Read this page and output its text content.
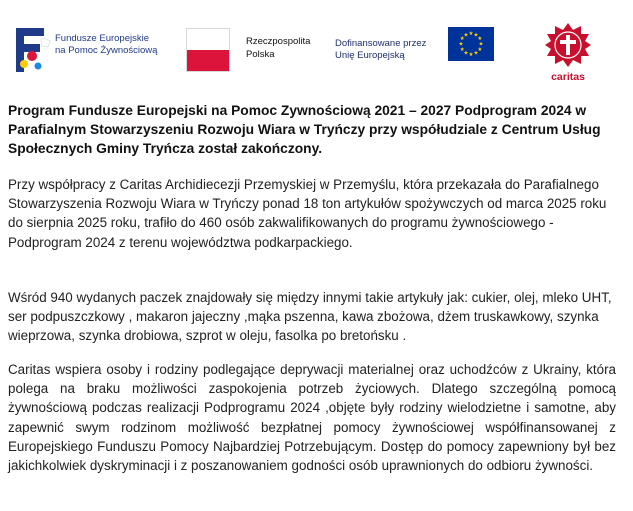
Fundusze Europejskie
na Pomoc Żywnościową
Rzeczpospolita
Polska
Dofinansowane przez
Unię Europejską
★ ★
★
★
★
★
★
★
★
★
★
★
caritas
Program Fundusze Europejski na Pomoc Zywnościową 2021 – 2027 Podprogram 2024 w Parafialnym Stowarzyszeniu Rozwoju Wiara w Tryńczy przy współudziale z Centrum Usług Społecznych Gminy Tryńcza został zakończony.

Przy współpracy z Caritas Archidiecezji Przemyskiej w Przemyślu, która przekazała do Parafialnego Stowarzyszenia Rozwoju Wiara w Tryńczy ponad 18 ton artykułów spożywczych od marca 2025 roku do sierpnia 2025 roku, trafiło do 460 osób zakwalifikowanych do programu żywnościowego - Podprogram 2024 z terenu województwa podkarpackiego.

Wśród 940 wydanych paczek znajdowały się między innymi takie artykuły jak: cukier, olej, mleko UHT, ser podpuszczkowy , makaron jajeczny ,mąka pszenna, kawa zbożowa, dżem truskawkowy, szynka wieprzowa, szynka drobiowa, szprot w oleju, fasolka po bretońsku .

Caritas wspiera osoby i rodziny podlegające deprywacji materialnej oraz uchodźców z Ukrainy, która polega na braku możliwości zaspokojenia potrzeb życiowych. Dlatego szczególną pomocą żywnościową podczas realizacji Podprogramu 2024 ,objęte były rodziny wielodzietne i samotne, aby zapewnić swym rodzinom możliwość bezpłatnej pomocy żywnościowej współfinansowanej z Europejskiego Funduszu Pomocy Najbardziej Potrzebującym. Dostęp do pomocy zapewniony był bez jakichkolwiek dyskryminacji i z poszanowaniem godności osób uprawnionych do odbioru żywności.
